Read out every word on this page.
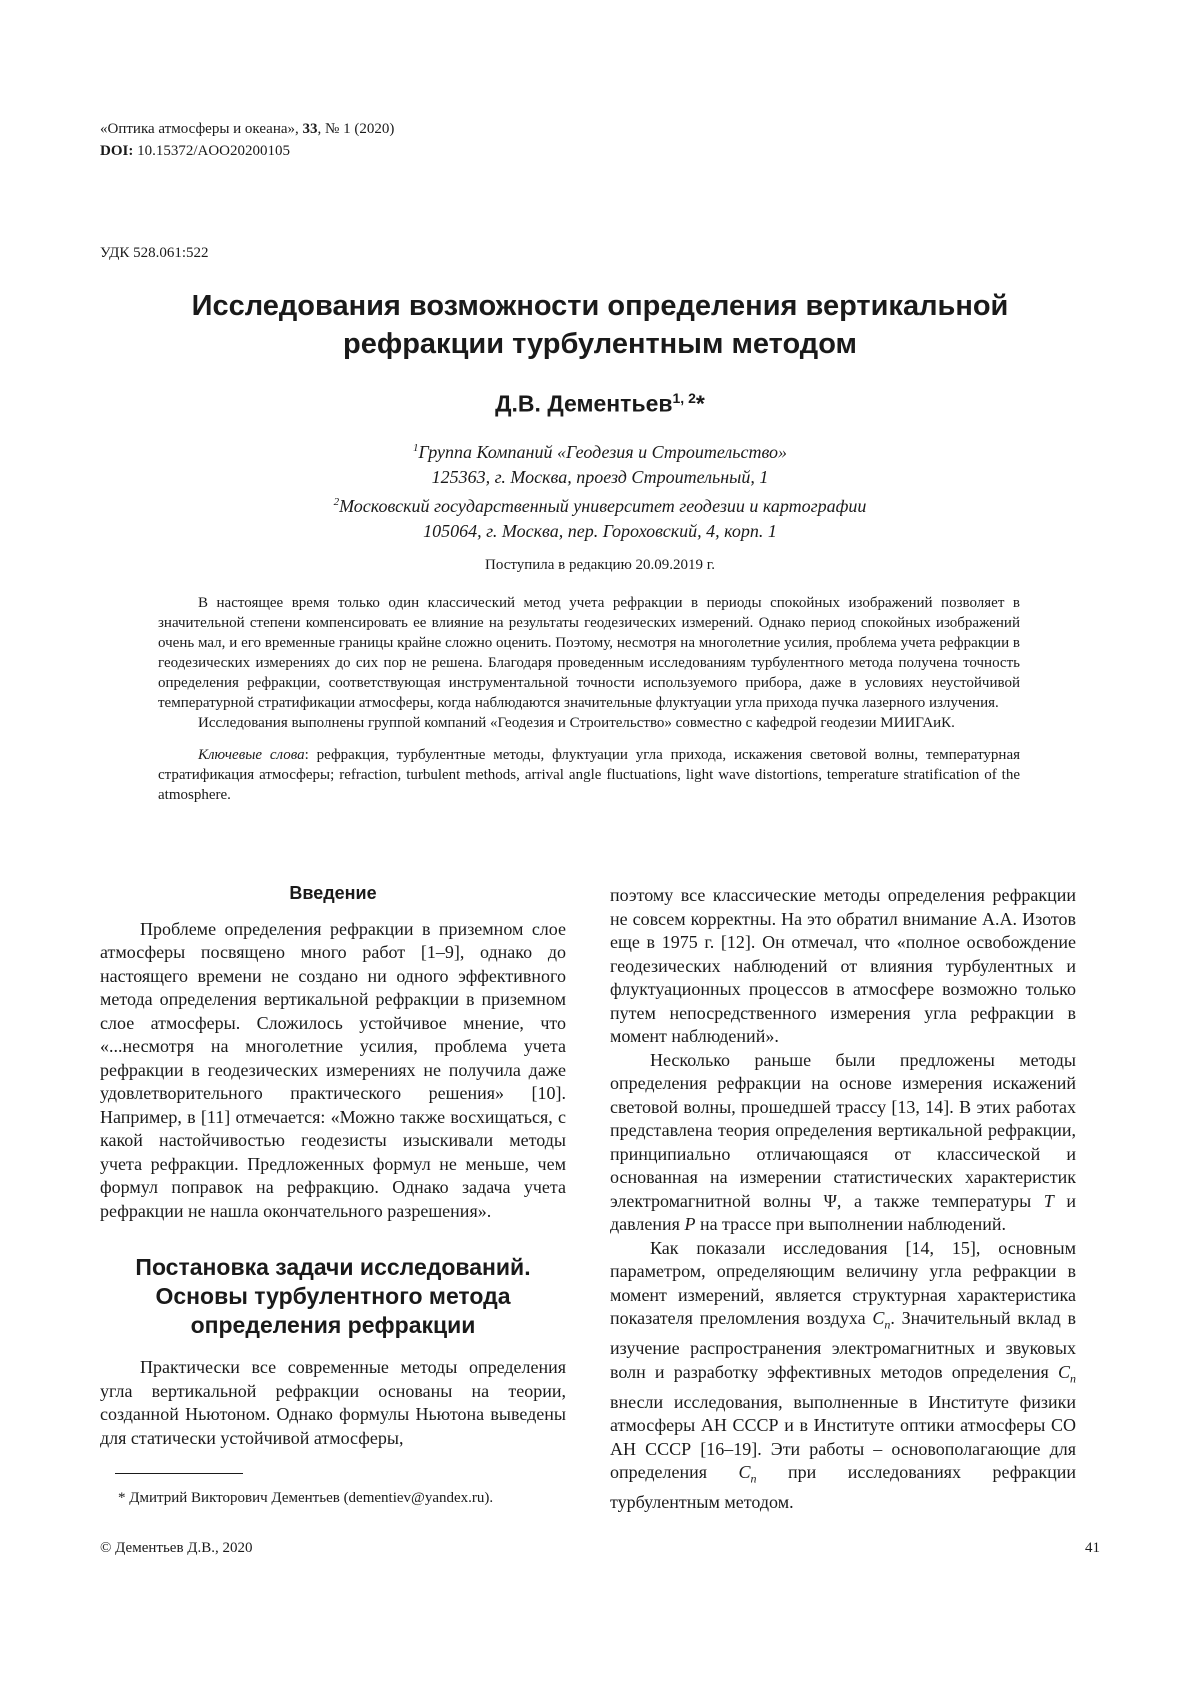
«Оптика атмосферы и океана», 33, № 1 (2020)
DOI: 10.15372/AOO20200105
УДК 528.061:522
Исследования возможности определения вертикальной
рефракции турбулентным методом
Д.В. Дементьев$^{1, 2}$*
$^1$Группа Компаний «Геодезия и Строительство»
125363, г. Москва, проезд Строительный, 1
$^2$Московский государственный университет геодезии и картографии
105064, г. Москва, пер. Гороховский, 4, корп. 1
Поступила в редакцию 20.09.2019 г.

В настоящее время только один классический метод учета рефракции в периоды спокойных изображений позволяет в значительной степени компенсировать ее влияние на результаты геодезических измерений. Однако период спокойных изображений очень мал, и его временные границы крайне сложно оценить. Поэтому, несмотря на многолетние усилия, проблема учета рефракции в геодезических измерениях до сих пор не решена. Благодаря проведенным исследованиям турбулентного метода получена точность определения рефракции, соответствующая инструментальной точности используемого прибора, даже в условиях неустойчивой температурной стратификации атмосферы, когда наблюдаются значительные флуктуации угла прихода пучка лазерного излучения.

Исследования выполнены группой компаний «Геодезия и Строительство» совместно с кафедрой геодезии МИИГАиК.

Ключевые слова: рефракция, турбулентные методы, флуктуации угла прихода, искажения световой волны, температурная стратификация атмосферы; refraction, turbulent methods, arrival angle fluctuations, light wave distortions, temperature stratification of the atmosphere.

Введение

Проблеме определения рефракции в приземном слое атмосферы посвящено много работ [1–9], однако до настоящего времени не создано ни одного эффективного метода определения вертикальной рефракции в приземном слое атмосферы. Сложилось устойчивое мнение, что «...несмотря на многолетние усилия, проблема учета рефракции в геодезических измерениях не получила даже удовлетворительного практического решения» [10]. Например, в [11] отмечается: «Можно также восхищаться, с какой настойчивостью геодезисты изыскивали методы учета рефракции. Предложенных формул не меньше, чем формул поправок на рефракцию. Однако задача учета рефракции не нашла окончательного разрешения».

Постановка задачи исследований.
Основы турбулентного метода
определения рефракции

Практически все современные методы определения угла вертикальной рефракции основаны на теории, созданной Ньютоном. Однако формулы Ньютона выведены для статически устойчивой атмосферы,

поэтому все классические методы определения рефракции не совсем корректны. На это обратил внимание А.А. Изотов еще в 1975 г. [12]. Он отмечал, что «полное освобождение геодезических наблюдений от влияния турбулентных и флуктуационных процессов в атмосфере возможно только путем непосредственного измерения угла рефракции в момент наблюдений».

Несколько раньше были предложены методы определения рефракции на основе измерения искажений световой волны, прошедшей трассу [13, 14]. В этих работах представлена теория определения вертикальной рефракции, принципиально отличающаяся от классической и основанная на измерении статистических характеристик электромагнитной волны Ψ, а также температуры T и давления P на трассе при выполнении наблюдений.

Как показали исследования [14, 15], основным параметром, определяющим величину угла рефракции в момент измерений, является структурная характеристика показателя преломления воздуха $C_n$. Значительный вклад в изучение распространения электромагнитных и звуковых волн и разработку эффективных методов определения $C_n$ внесли исследования, выполненные в Институте физики атмосферы АН СССР и в Институте оптики атмосферы СО АН СССР [16–19]. Эти работы – основополагающие для определения $C_n$ при исследованиях рефракции турбулентным методом.

* Дмитрий Викторович Дементьев (dementiev@yandex.ru).

© Дементьев Д.В., 2020	41
